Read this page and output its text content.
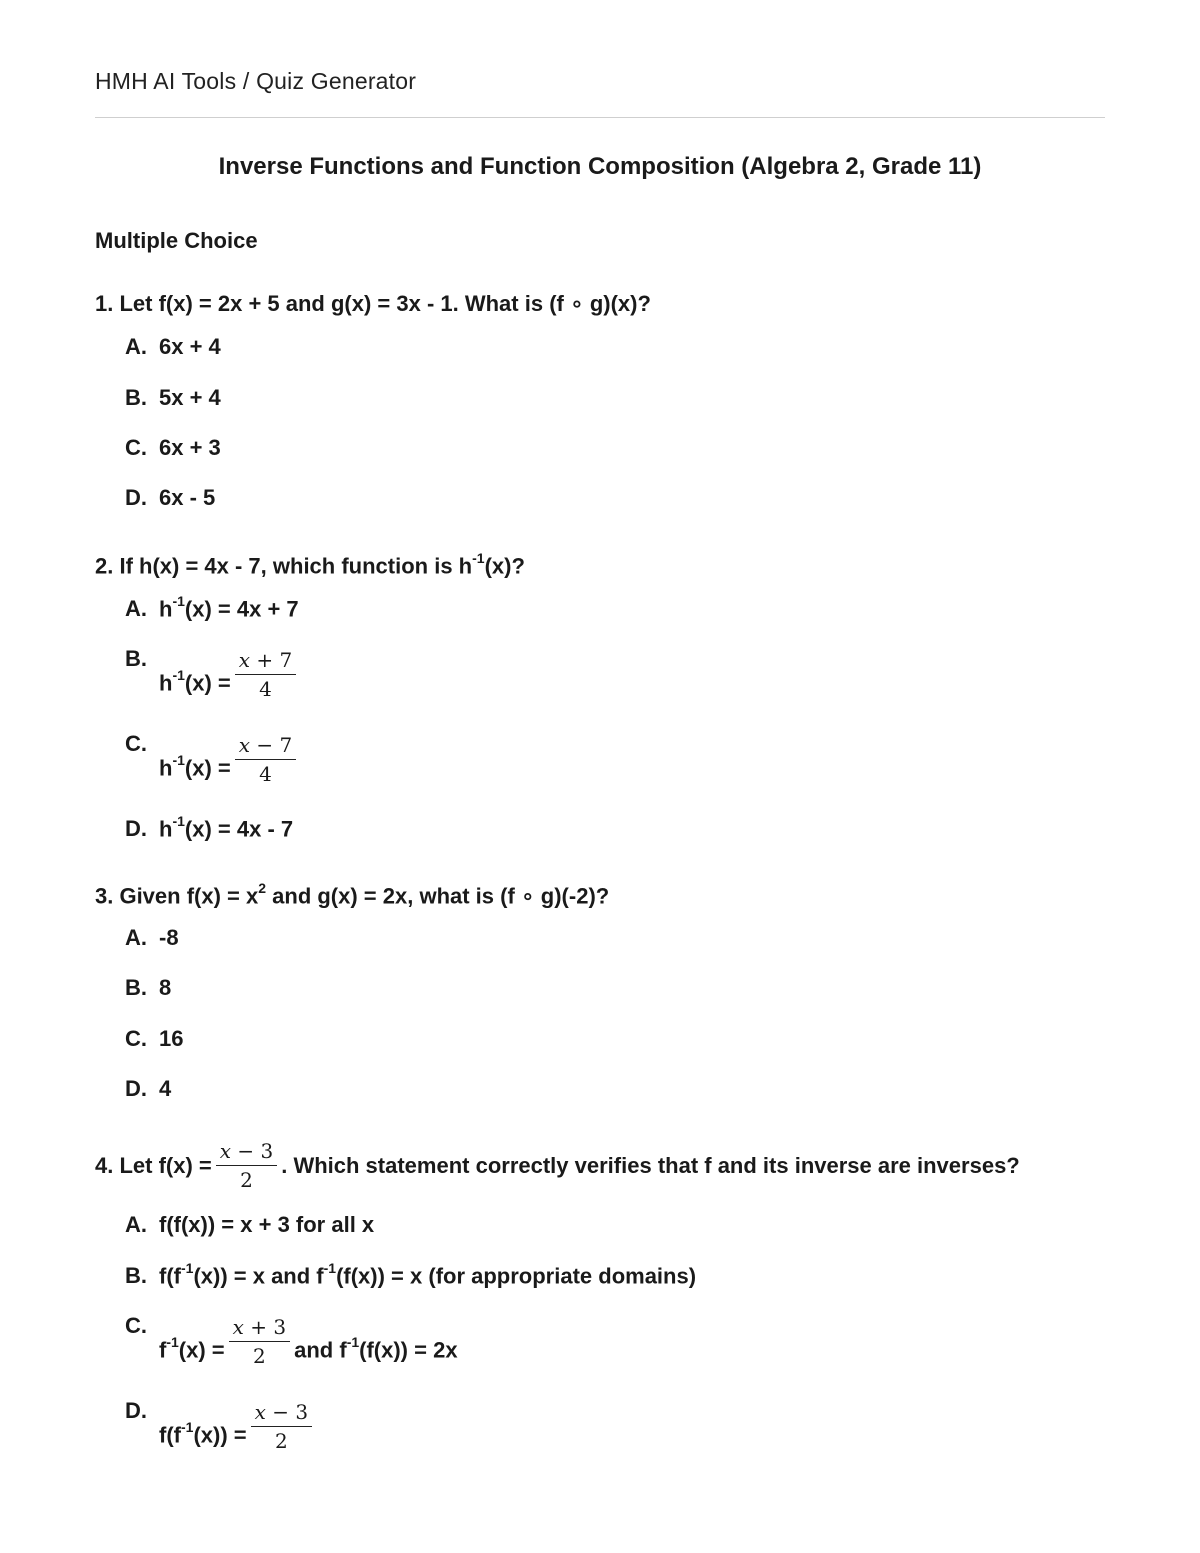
HMH AI Tools / Quiz Generator
Inverse Functions and Function Composition (Algebra 2, Grade 11)
Multiple Choice
1. Let f(x) = 2x + 5 and g(x) = 3x - 1. What is (f ∘ g)(x)?
A. 6x + 4
B. 5x + 4
C. 6x + 3
D. 6x - 5
2. If h(x) = 4x - 7, which function is $h^{-1}(x)$?
A. $h^{-1}(x) = 4x + 7$
B.
$h^{-1}(x) = \frac{x + 7}{4}$
C.
$h^{-1}(x) = \frac{x - 7}{4}$
D. $h^{-1}(x) = 4x - 7$
3. Given $f(x) = x^2$ and g(x) = 2x, what is (f ∘ g)(-2)?
A. -8
B. 8
C. 16
D. 4
4. Let $f(x) = \frac{x - 3}{2}$ . Which statement correctly verifies that f and its inverse are inverses?
A. f(f(x)) = x + 3 for all x
B. $f(f^{-1}(x)) = x$ and $f^{-1}(f(x)) = x$ (for appropriate domains)
C.
$f^{-1}(x) = \frac{x + 3}{2}$ and $f^{-1}(f(x)) = 2x$
D.
$f(f^{-1}(x)) = \frac{x - 3}{2}$
